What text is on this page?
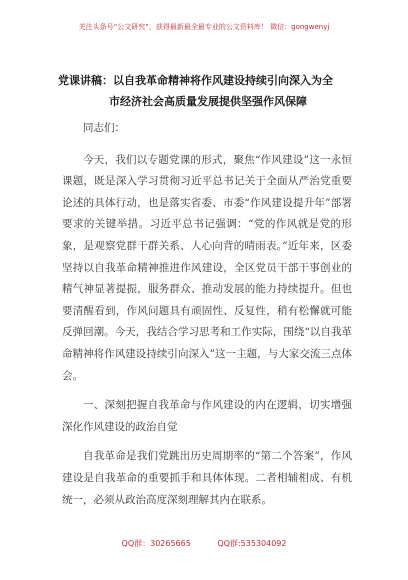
关注头条号“公文研究”，获得最新最全最专业的公文资料库！ 微信：gongwenyj
党课讲稿：以自我革命精神将作风建设持续引向深入为全
市经济社会高质量发展提供坚强作风保障

同志们：

今天，我们以专题党课的形式，聚焦“作风建设”这一永恒课题，既是深入学习贯彻习近平总书记关于全面从严治党重要论述的具体行动，也是落实省委、市委“作风建设提升年”部署要求的关键举措。习近平总书记强调：“党的作风就是党的形象，是观察党群干群关系、人心向背的晴雨表。”近年来，区委坚持以自我革命精神推进作风建设，全区党员干部干事创业的精气神显著提振，服务群众、推动发展的能力持续提升。但也要清醒看到，作风问题具有顽固性、反复性，稍有松懈就可能反弹回潮。今天，我结合学习思考和工作实际，围绕“以自我革命精神将作风建设持续引向深入”这一主题，与大家交流三点体会。

一、深刻把握自我革命与作风建设的内在逻辑，切实增强深化作风建设的政治自觉

自我革命是我们党跳出历史周期率的“第二个答案”，作风建设是自我革命的重要抓手和具体体现。二者相辅相成、有机统一，必须从政治高度深刻理解其内在联系。

QQ群：30265665	QQ群:535304092
